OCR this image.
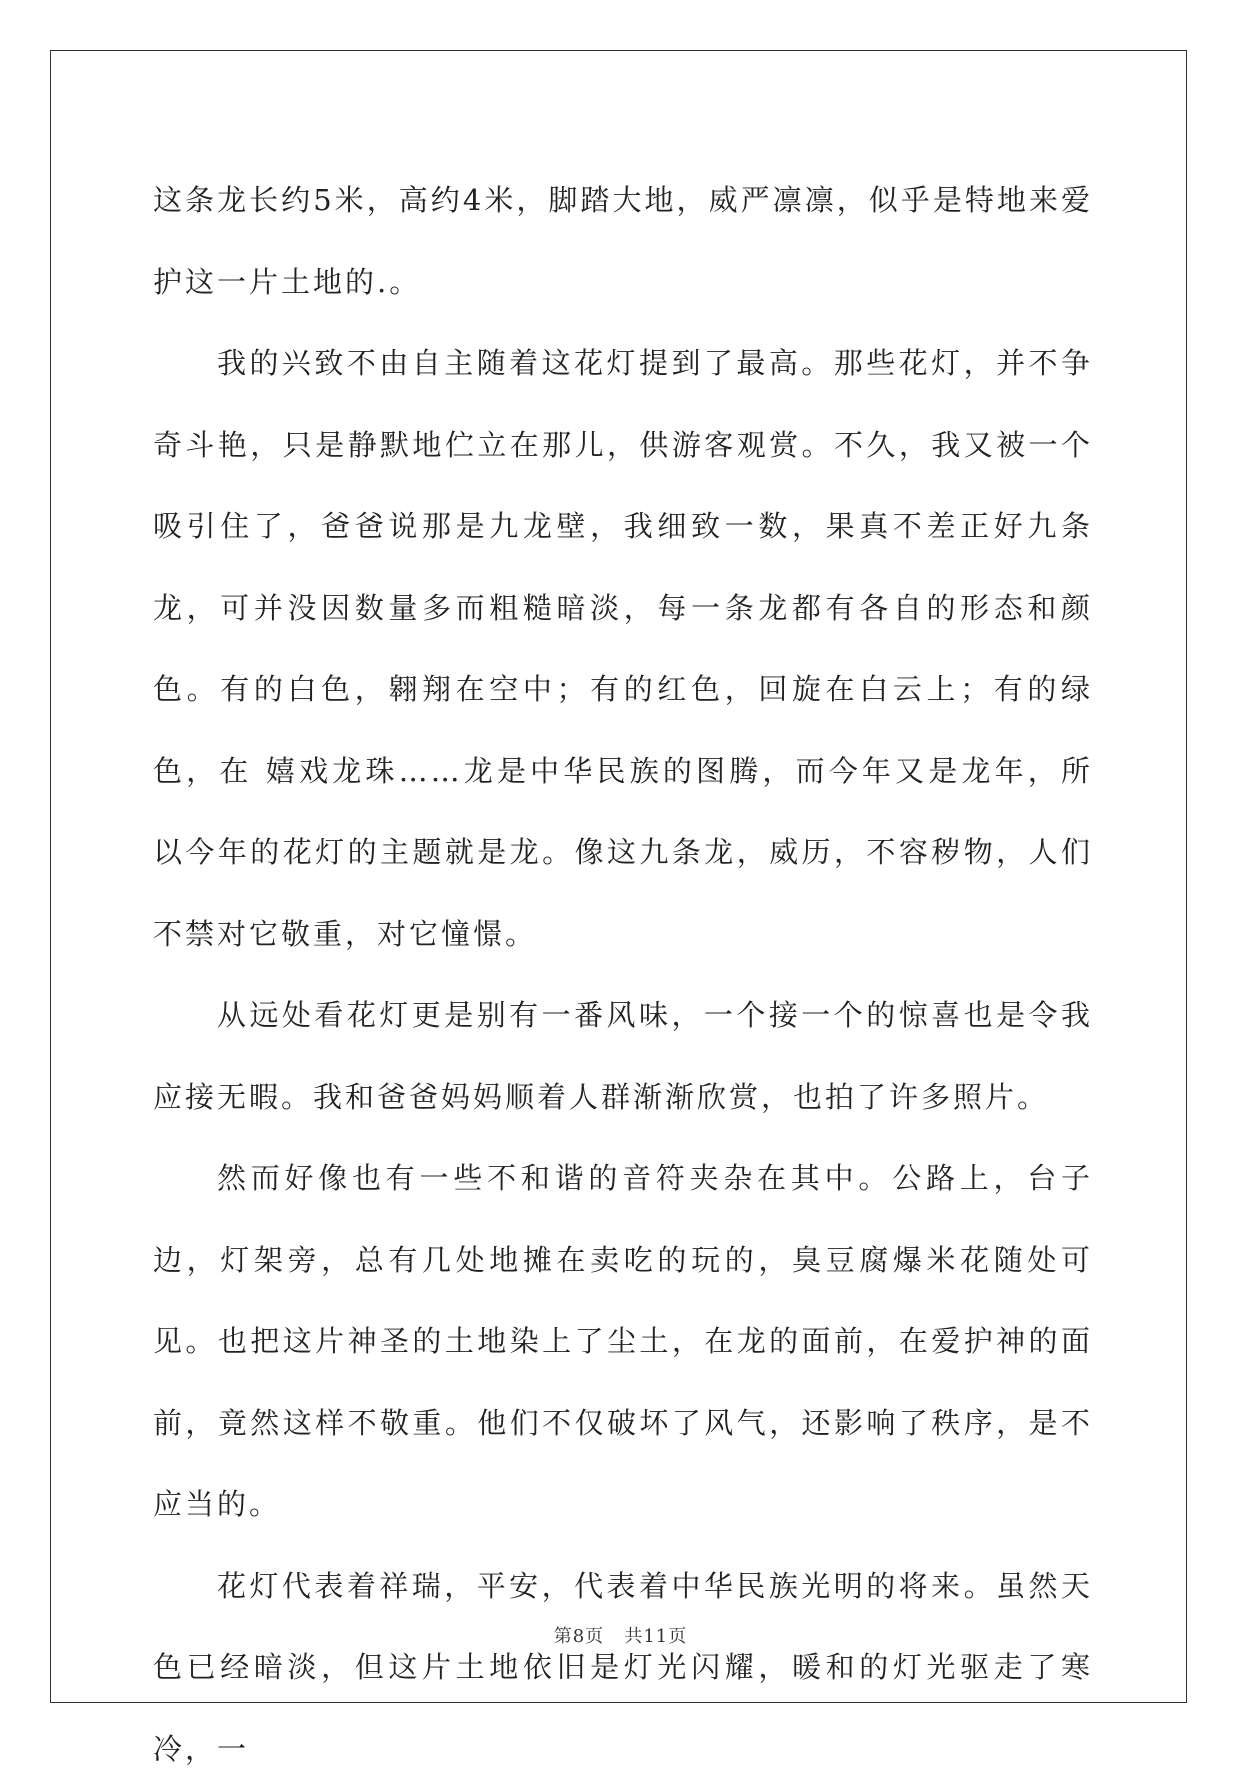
这条龙长约5米，高约4米，脚踏大地，威严凛凛，似乎是特地来爱护这一片土地的.。

我的兴致不由自主随着这花灯提到了最高。那些花灯，并不争奇斗艳，只是静默地伫立在那儿，供游客观赏。不久，我又被一个吸引住了，爸爸说那是九龙壁，我细致一数，果真不差正好九条龙，可并没因数量多而粗糙暗淡，每一条龙都有各自的形态和颜色。有的白色，翱翔在空中；有的红色，回旋在白云上；有的绿色，在 嬉戏龙珠……龙是中华民族的图腾，而今年又是龙年，所以今年的花灯的主题就是龙。像这九条龙，威历，不容秽物，人们不禁对它敬重，对它憧憬。

从远处看花灯更是别有一番风味，一个接一个的惊喜也是令我应接无暇。我和爸爸妈妈顺着人群渐渐欣赏，也拍了许多照片。

然而好像也有一些不和谐的音符夹杂在其中。公路上，台子边，灯架旁，总有几处地摊在卖吃的玩的，臭豆腐爆米花随处可见。也把这片神圣的土地染上了尘土，在龙的面前，在爱护神的面前，竟然这样不敬重。他们不仅破坏了风气，还影响了秩序，是不应当的。

花灯代表着祥瑞，平安，代表着中华民族光明的将来。虽然天色已经暗淡，但这片土地依旧是灯光闪耀，暖和的灯光驱走了寒冷，一

第8页 共11页
